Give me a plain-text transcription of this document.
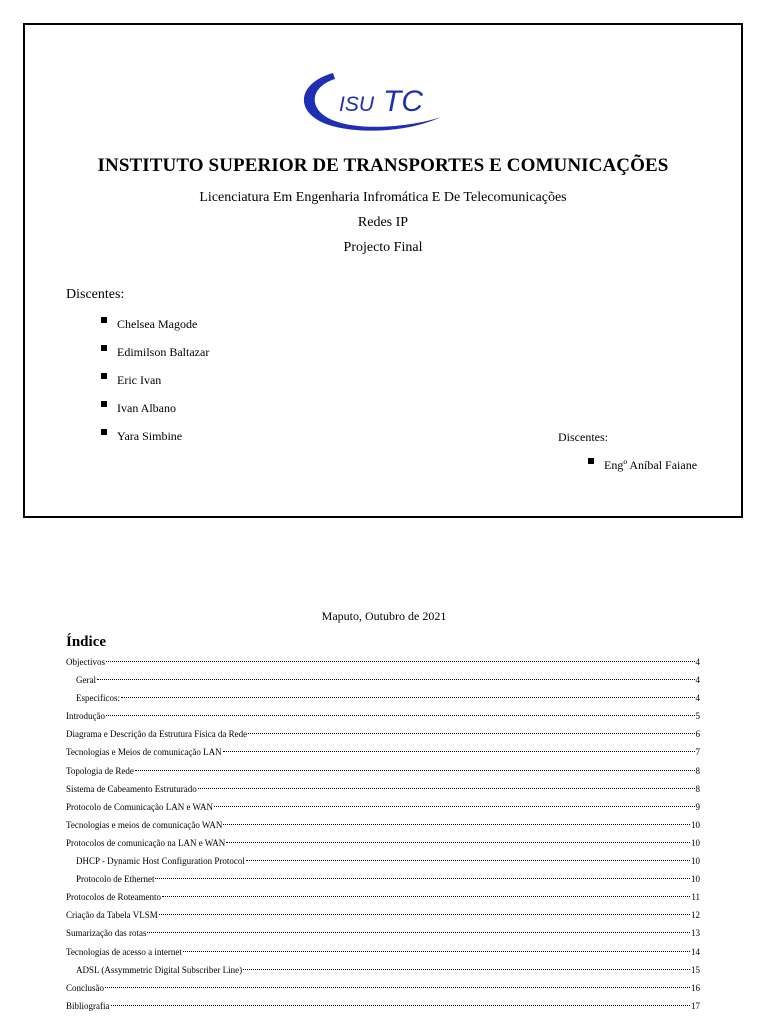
ISU TC
INSTITUTO SUPERIOR DE TRANSPORTES E COMUNICAÇÕES
Licenciatura Em Engenharia Infromática E De Telecomunicações
Redes IP
Projecto Final
Discentes:
Chelsea Magode
Edimilson Baltazar
Eric Ivan
Ivan Albano
Yara Simbine	Discentes:
Engº Aníbal Faiane
Maputo, Outubro de 2021
Índice
Objectivos	4
Geral	4
Especificos:	4
Introdução	5
Diagrama e Descrição da Estrutura Física da Rede	6
Tecnologias e Meios de comunicação LAN	7
Topologia de Rede	8
Sistema de Cabeamento Estruturado	8
Protocolo de Comunicação LAN e WAN	9
Tecnologias e meios de comunicação WAN	10
Protocolos de comunicação na LAN e WAN	10
DHCP - Dynamic Host Configuration Protocol	10
Protocolo de Ethernet	10
Protocolos de Roteamento	11
Criação da Tabela VLSM	12
Sumarização das rotas	13
Tecnologias de acesso a internet	14
ADSL (Assymmetric Digital Subscriber Line)	15
Conclusão	16
Bibliografia	17
